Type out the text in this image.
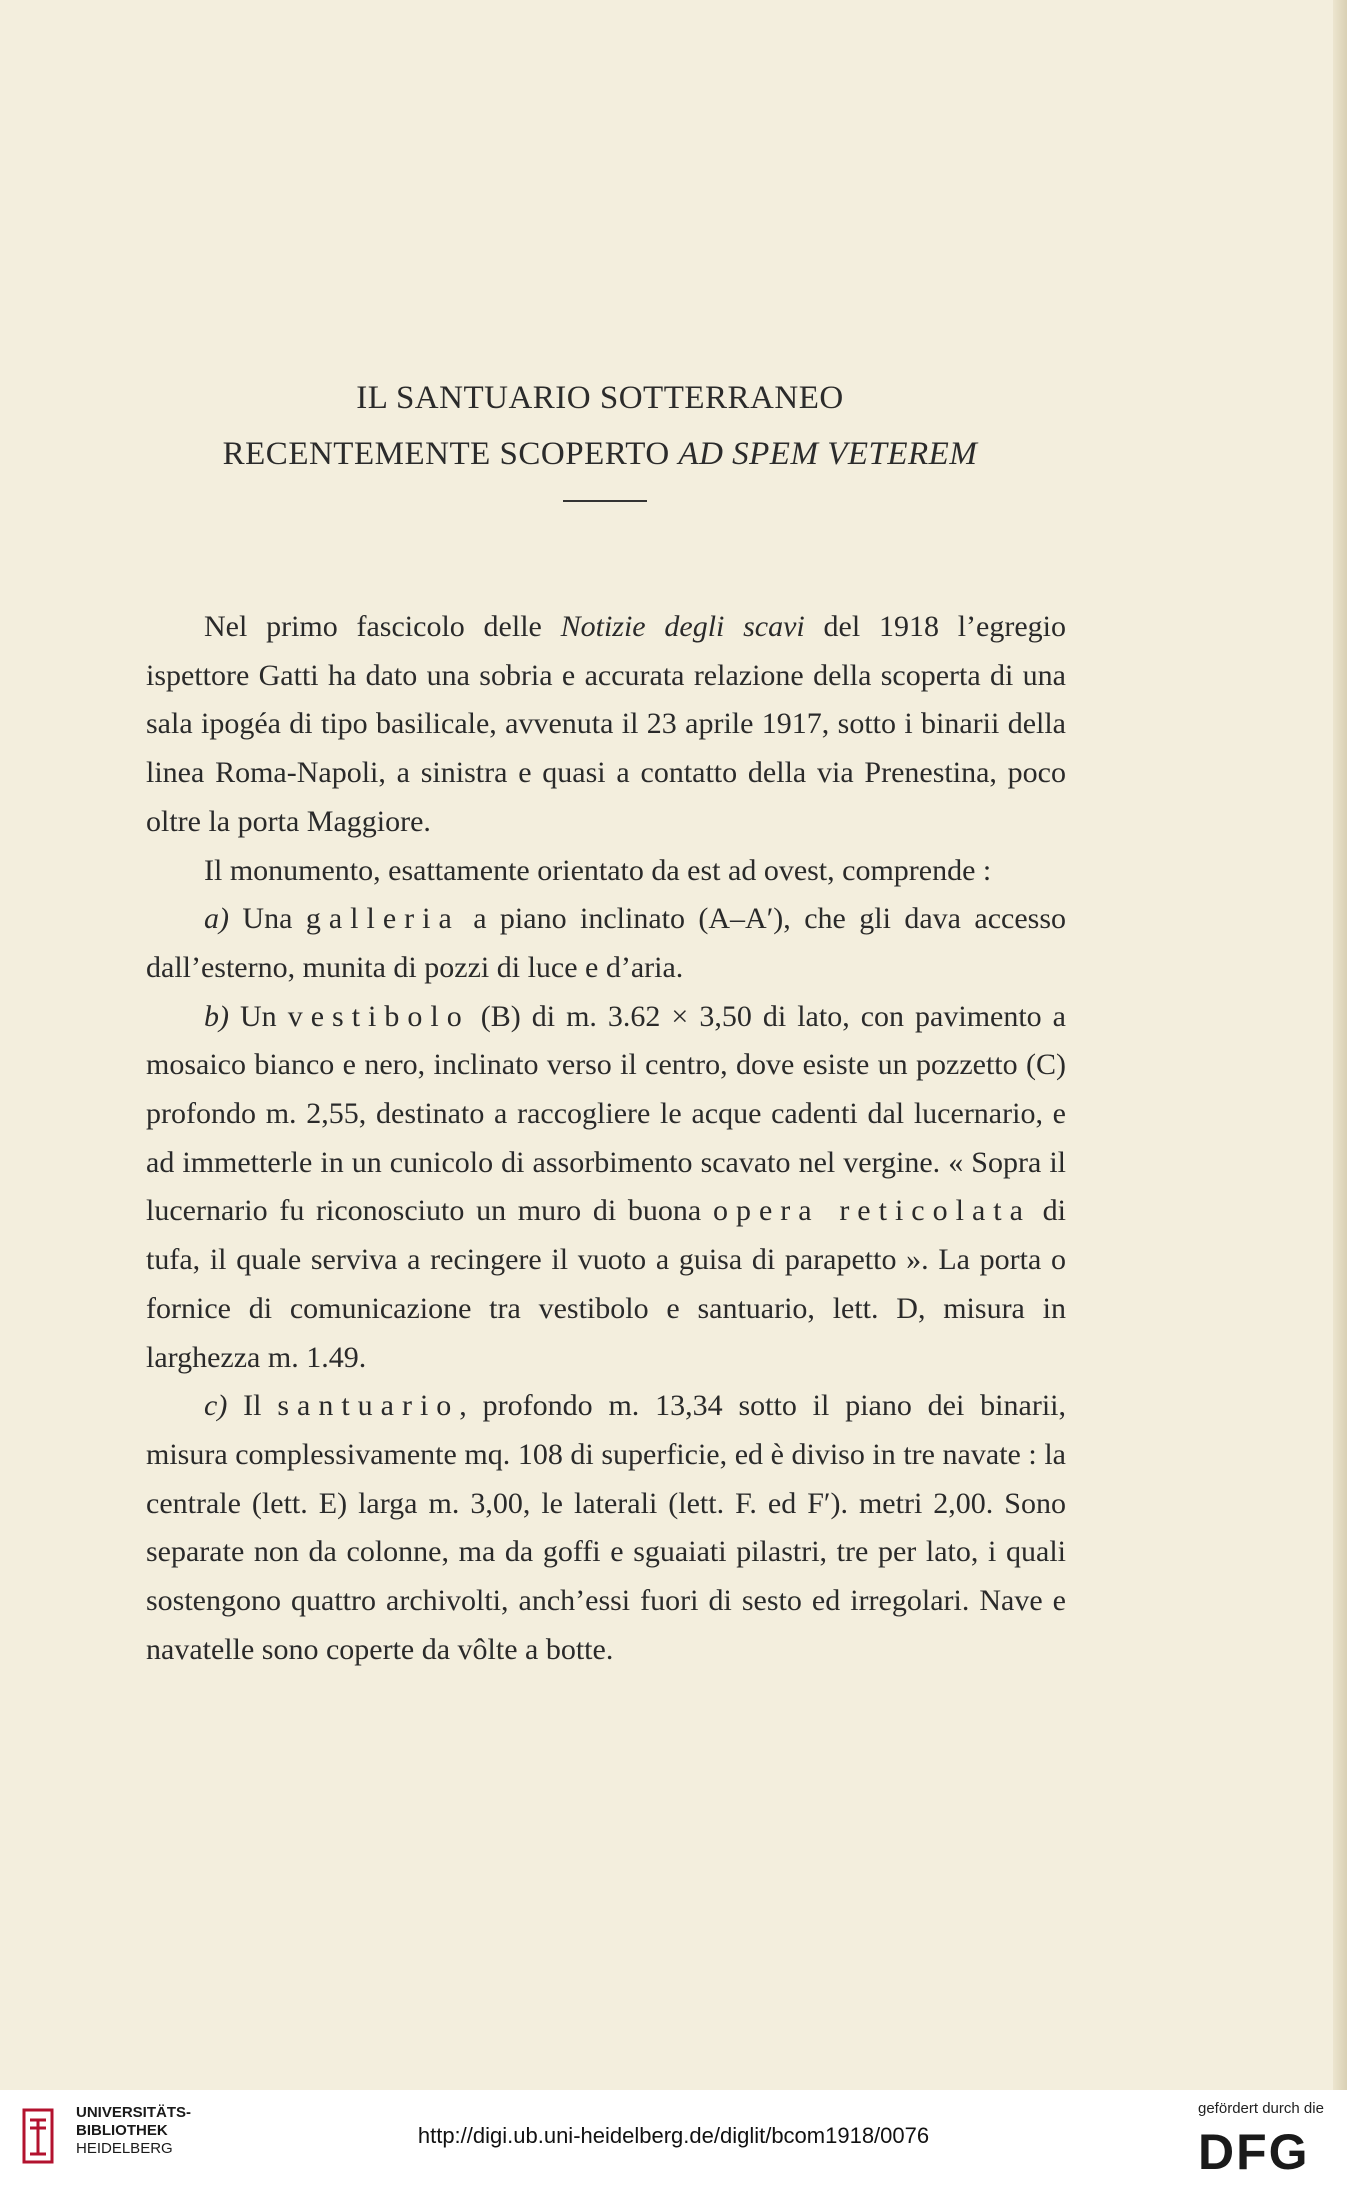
IL SANTUARIO SOTTERRANEO
RECENTEMENTE SCOPERTO AD SPEM VETEREM

Nel primo fascicolo delle Notizie degli scavi del 1918 l’egregio ispettore Gatti ha dato una sobria e accurata relazione della scoperta di una sala ipogéa di tipo basilicale, avvenuta il 23 aprile 1917, sotto i binarii della linea Roma-Napoli, a sinistra e quasi a contatto della via Prenestina, poco oltre la porta Maggiore.

Il monumento, esattamente orientato da est ad ovest, comprende :

a) Una galleria a piano inclinato (A–A′), che gli dava accesso dall’esterno, munita di pozzi di luce e d’aria.

b) Un vestibolo (B) di m. 3.62 × 3,50 di lato, con pavimento a mosaico bianco e nero, inclinato verso il centro, dove esiste un pozzetto (C) profondo m. 2,55, destinato a raccogliere le acque cadenti dal lucernario, e ad immetterle in un cunicolo di assorbimento scavato nel vergine. « Sopra il lucernario fu riconosciuto un muro di buona opera reticolata di tufa, il quale serviva a recingere il vuoto a guisa di parapetto ». La porta o fornice di comunicazione tra vestibolo e santuario, lett. D, misura in larghezza m. 1.49.

c) Il santuario, profondo m. 13,34 sotto il piano dei binarii, misura complessivamente mq. 108 di superficie, ed è diviso in tre navate : la centrale (lett. E) larga m. 3,00, le laterali (lett. F. ed F′). metri 2,00. Sono separate non da colonne, ma da goffi e sguaiati pilastri, tre per lato, i quali sostengono quattro archivolti, anch’essi fuori di sesto ed irregolari. Nave e navatelle sono coperte da vôlte a botte.

UNIVERSITÄTS-
BIBLIOTHEK
HEIDELBERG
http://digi.ub.uni-heidelberg.de/diglit/bcom1918/0076
gefördert durch die
DFG
